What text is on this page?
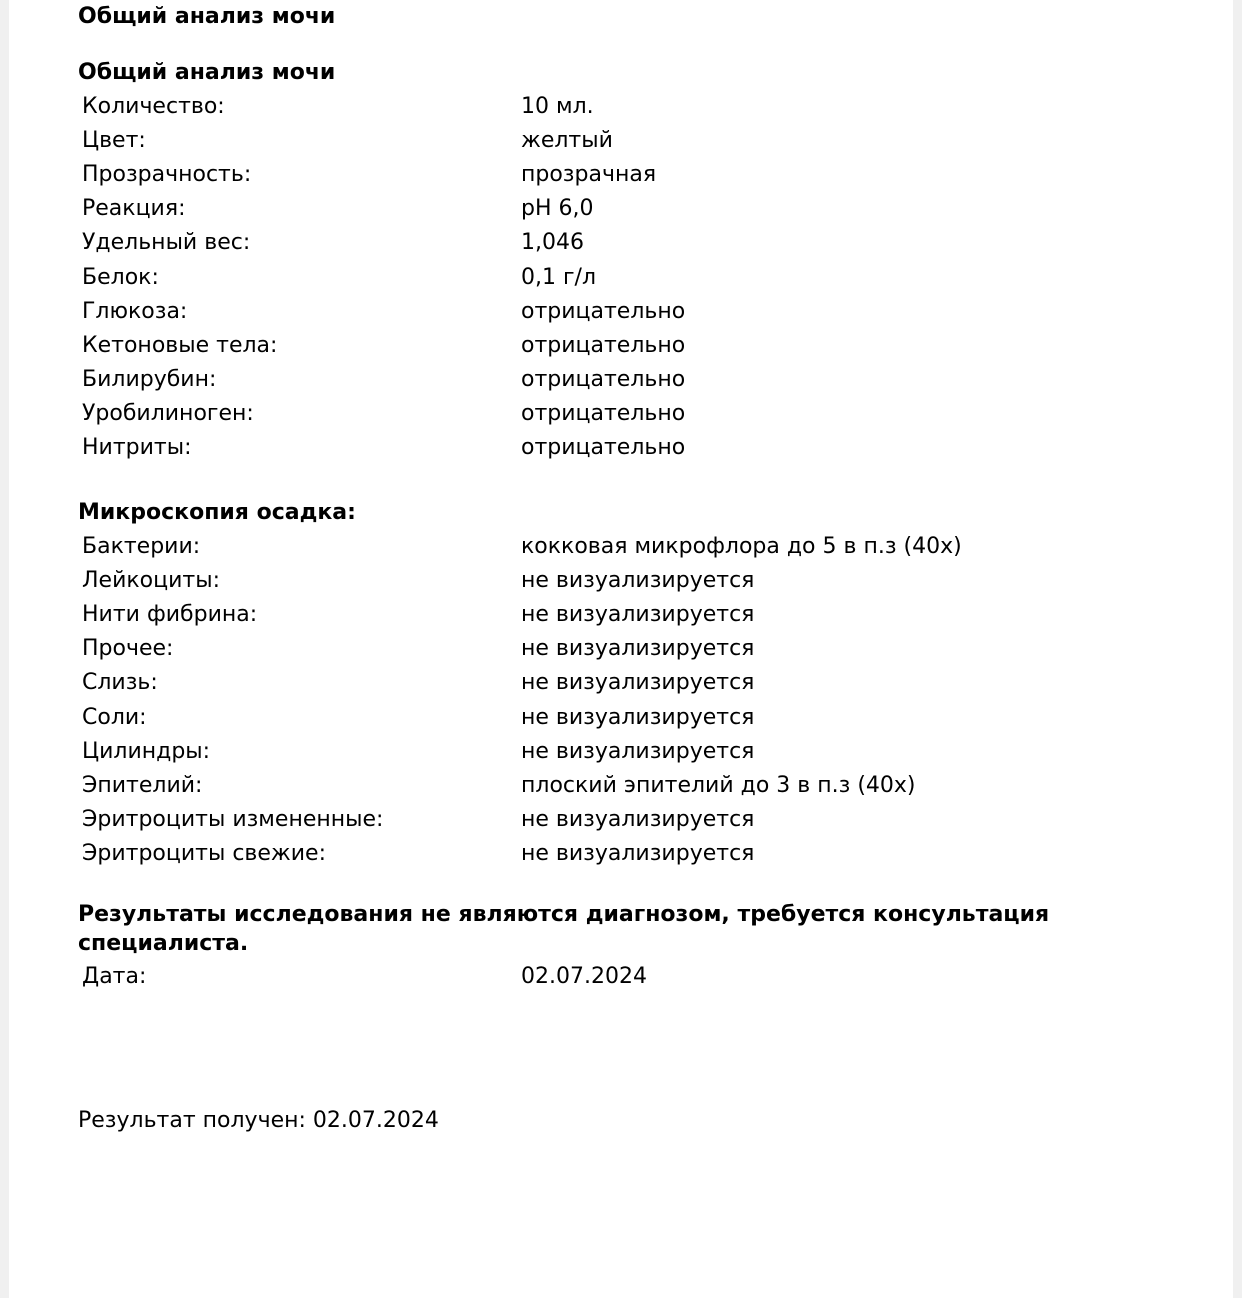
Общий анализ мочи
Общий анализ мочи
Количество:	10 мл.
Цвет:	желтый
Прозрачность:	прозрачная
Реакция:	pH 6,0
Удельный вес:	1,046
Белок:	0,1 г/л
Глюкоза:	отрицательно
Кетоновые тела:	отрицательно
Билирубин:	отрицательно
Уробилиноген:	отрицательно
Нитриты:	отрицательно
Микроскопия осадка:
Бактерии:	кокковая микрофлора до 5 в п.з (40х)
Лейкоциты:	не визуализируется
Нити фибрина:	не визуализируется
Прочее:	не визуализируется
Слизь:	не визуализируется
Соли:	не визуализируется
Цилиндры:	не визуализируется
Эпителий:	плоский эпителий до 3 в п.з (40х)
Эритроциты измененные:	не визуализируется
Эритроциты свежие:	не визуализируется
Результаты исследования не являются диагнозом, требуется консультация специалиста.
Дата:	02.07.2024
Результат получен: 02.07.2024
